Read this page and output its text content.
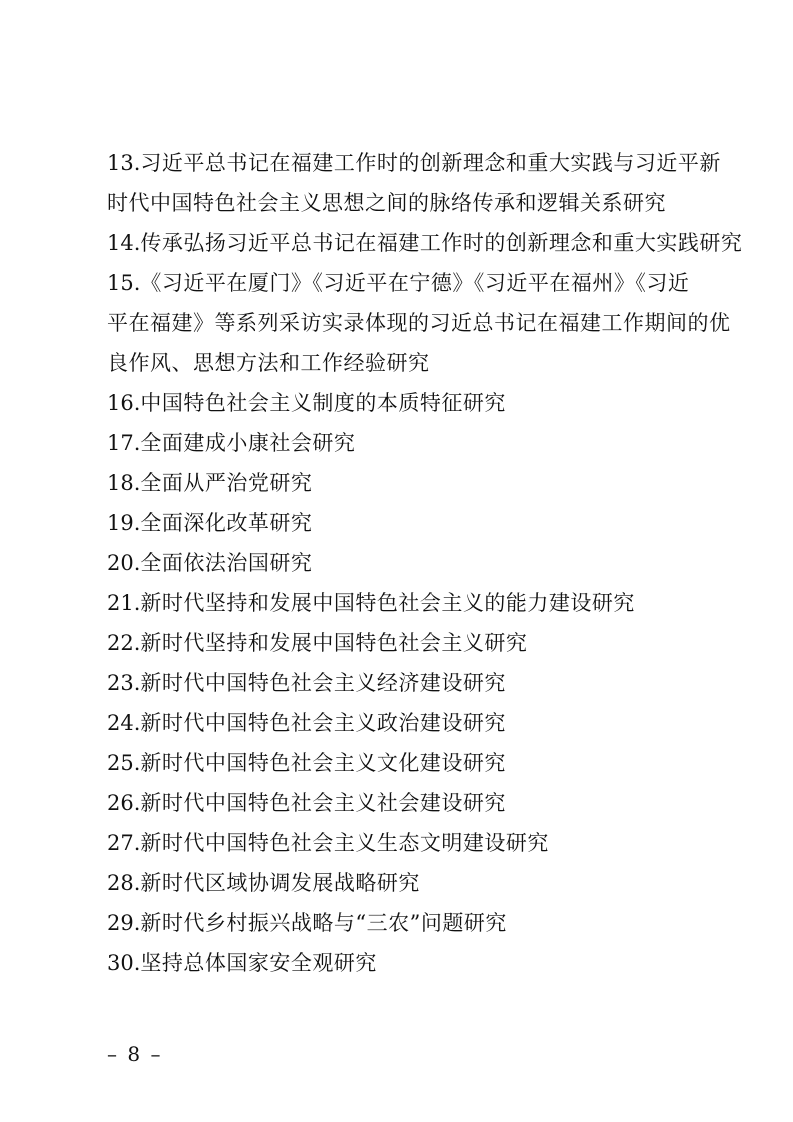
13.习近平总书记在福建工作时的创新理念和重大实践与习近平新
时代中国特色社会主义思想之间的脉络传承和逻辑关系研究
14.传承弘扬习近平总书记在福建工作时的创新理念和重大实践研究
15.《习近平在厦门》《习近平在宁德》《习近平在福州》《习近
平在福建》等系列采访实录体现的习近总书记在福建工作期间的优
良作风、思想方法和工作经验研究
16.中国特色社会主义制度的本质特征研究
17.全面建成小康社会研究
18.全面从严治党研究
19.全面深化改革研究
20.全面依法治国研究
21.新时代坚持和发展中国特色社会主义的能力建设研究
22.新时代坚持和发展中国特色社会主义研究
23.新时代中国特色社会主义经济建设研究
24.新时代中国特色社会主义政治建设研究
25.新时代中国特色社会主义文化建设研究
26.新时代中国特色社会主义社会建设研究
27.新时代中国特色社会主义生态文明建设研究
28.新时代区域协调发展战略研究
29.新时代乡村振兴战略与“三农”问题研究
30.坚持总体国家安全观研究
– 8 –
